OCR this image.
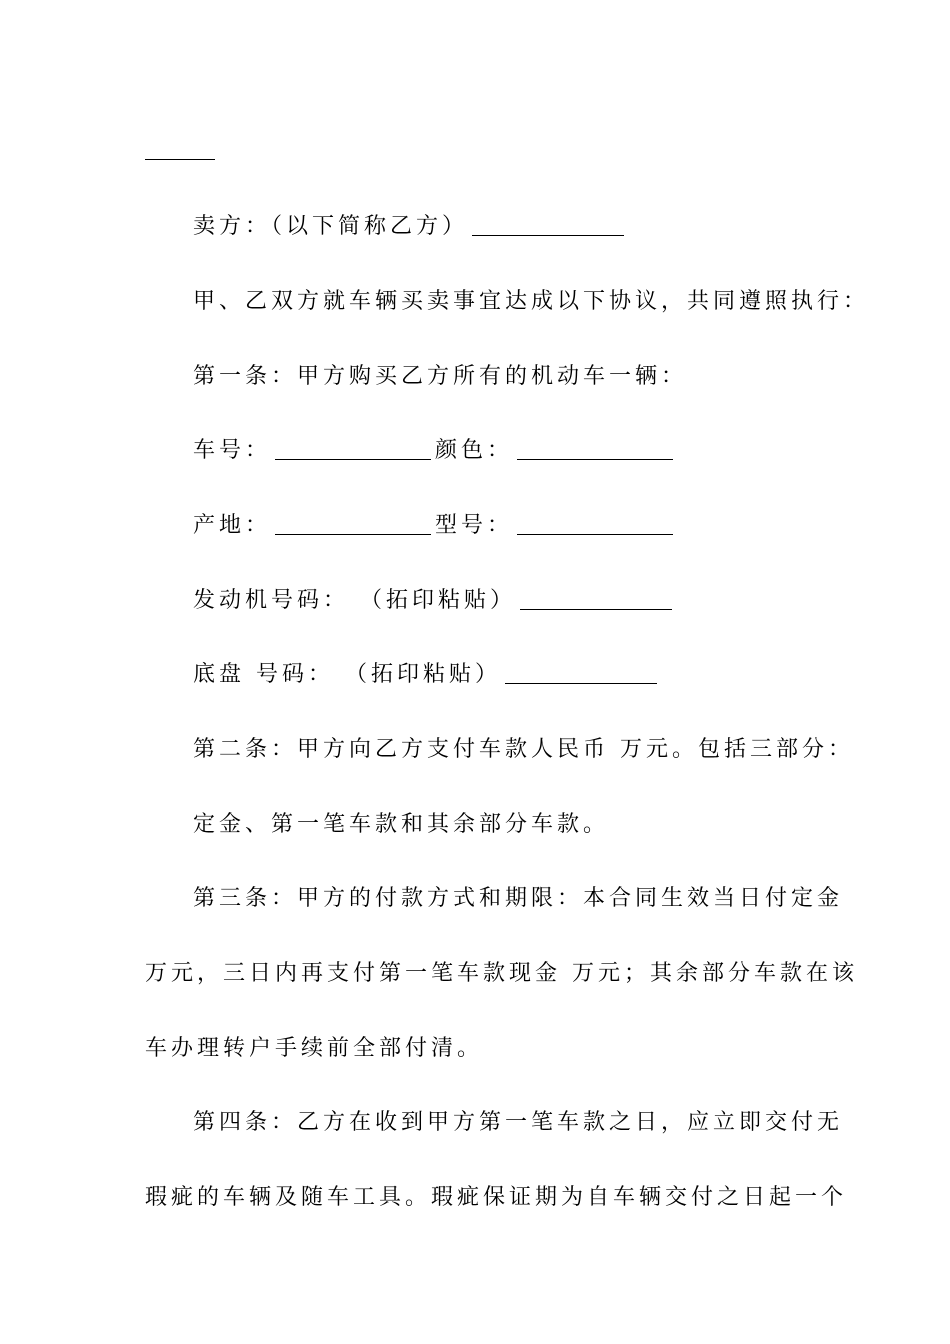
卖方：（以下简称乙方）
甲、乙双方就车辆买卖事宜达成以下协议，共同遵照执行：
第一条：甲方购买乙方所有的机动车一辆：
车号：	颜色：
产地：	型号：
发动机号码： （拓印粘贴）
底盘 号码： （拓印粘贴）
第二条：甲方向乙方支付车款人民币 万元。包括三部分：
定金、第一笔车款和其余部分车款。
第三条：甲方的付款方式和期限：本合同生效当日付定金
万元，三日内再支付第一笔车款现金 万元；其余部分车款在该
车办理转户手续前全部付清。
第四条：乙方在收到甲方第一笔车款之日，应立即交付无
瑕疵的车辆及随车工具。瑕疵保证期为自车辆交付之日起一个
